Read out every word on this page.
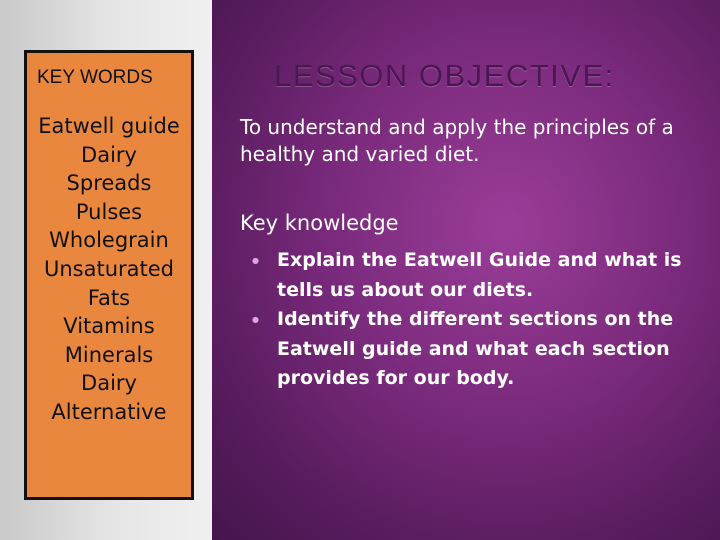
KEY WORDS
Eatwell guide
Dairy
Spreads
Pulses
Wholegrain
Unsaturated
Fats
Vitamins
Minerals
Dairy
Alternative
LESSON OBJECTIVE:
To understand and apply the principles of a healthy and varied diet.
Key knowledge
● Explain the Eatwell Guide and what is tells us about our diets.
● Identify the different sections on the Eatwell guide and what each section provides for our body.
